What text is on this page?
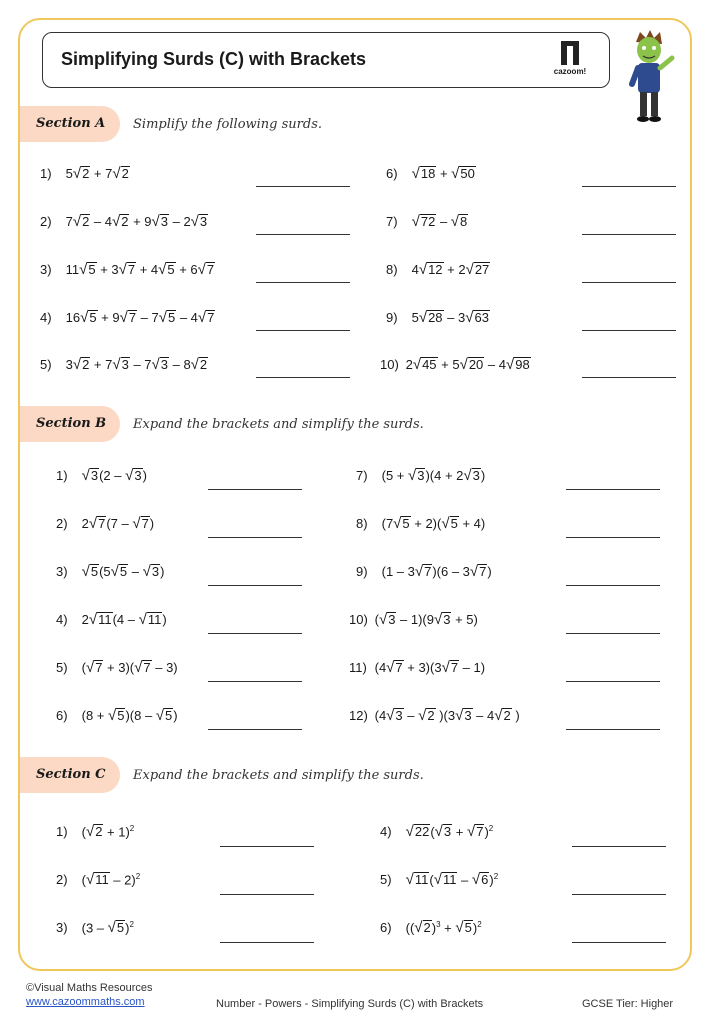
Simplifying Surds (C) with Brackets
cazoom!
Section A Simplify the following surds.
1) 5√2 + 7√2
2) 7√2 – 4√2 + 9√3 – 2√3
3) 11√5 + 3√7 + 4√5 + 6√7
4) 16√5 + 9√7 – 7√5 – 4√7
5) 3√2 + 7√3 – 7√3 – 8√2
6) √18 + √50
7) √72 – √8
8) 4√12 + 2√27
9) 5√28 – 3√63
10) 2√45 + 5√20 – 4√98
Section B Expand the brackets and simplify the surds.
1) √3(2 – √3)
2) 2√7(7 – √7)
3) √5(5√5 – √3)
4) 2√11(4 – √11)
5) (√7 + 3)(√7 – 3)
6) (8 + √5)(8 – √5)
7) (5 + √3)(4 + 2√3)
8) (7√5 + 2)(√5 + 4)
9) (1 – 3√7)(6 – 3√7)
10) (√3 – 1)(9√3 + 5)
11) (4√7 + 3)(3√7 – 1)
12) (4√3 – √2 )(3√3 – 4√2 )
Section C Expand the brackets and simplify the surds.
1) $(√2 + 1)^2$
2) (√11 – 2)$^2$
3) (3 – √5)$^2$
4) $√22(√3 + √7)^2$
5) √11(√11 – √6)$^2$
6) $((√2)^3 + √5)^2$
©Visual Maths Resources
www.cazoommaths.com	Number - Powers - Simplifying Surds (C) with Brackets	GCSE Tier: Higher
